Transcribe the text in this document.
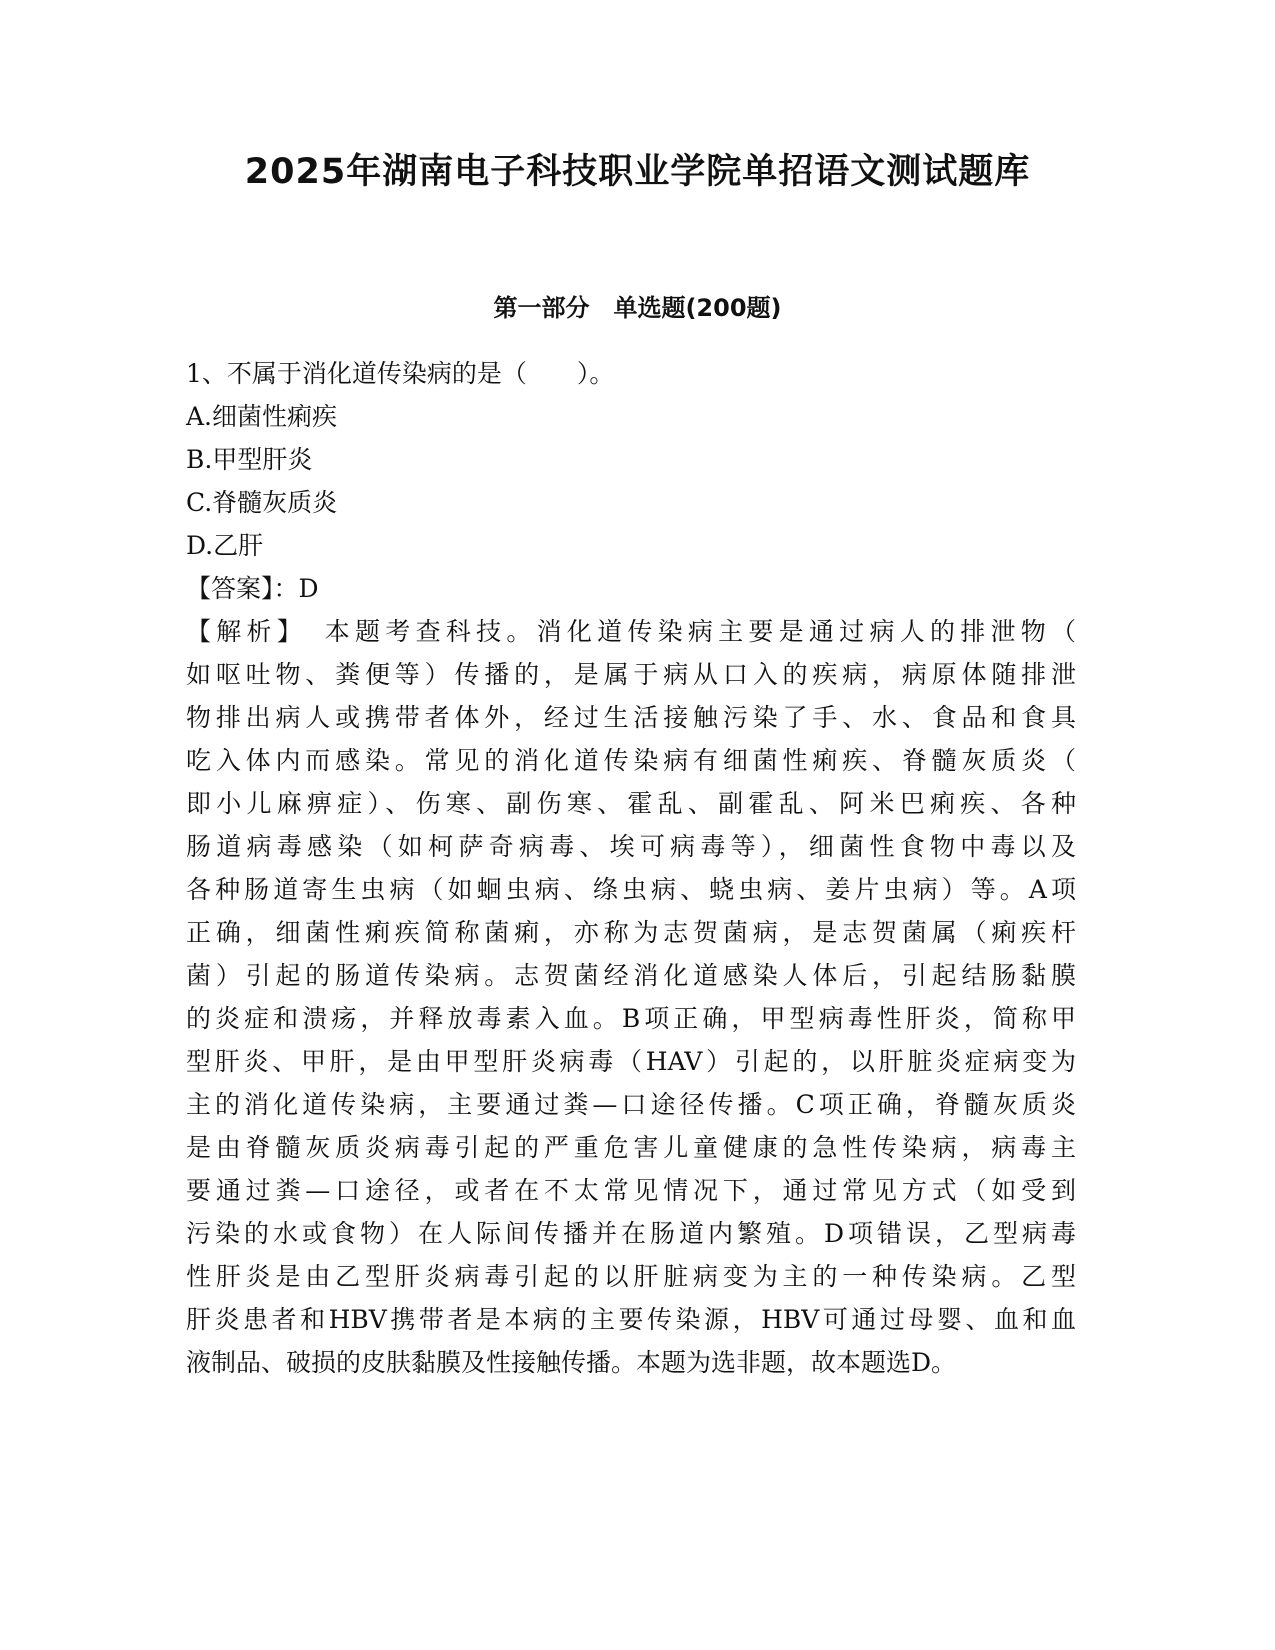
2025年湖南电子科技职业学院单招语文测试题库
第一部分　单选题(200题)
1、不属于消化道传染病的是（　　）。
A.细菌性痢疾
B.甲型肝炎
C.脊髓灰质炎
D.乙肝
【答案】：D
【解析】　本题考查科技。消化道传染病主要是通过病人的排泄物（
如呕吐物、粪便等）传播的，是属于病从口入的疾病，病原体随排泄
物排出病人或携带者体外，经过生活接触污染了手、水、食品和食具
吃入体内而感染。常见的消化道传染病有细菌性痢疾、脊髓灰质炎（
即小儿麻痹症）、伤寒、副伤寒、霍乱、副霍乱、阿米巴痢疾、各种
肠道病毒感染（如柯萨奇病毒、埃可病毒等），细菌性食物中毒以及
各种肠道寄生虫病（如蛔虫病、绦虫病、蛲虫病、姜片虫病）等。A项
正确，细菌性痢疾简称菌痢，亦称为志贺菌病，是志贺菌属（痢疾杆
菌）引起的肠道传染病。志贺菌经消化道感染人体后，引起结肠黏膜
的炎症和溃疡，并释放毒素入血。B项正确，甲型病毒性肝炎，简称甲
型肝炎、甲肝，是由甲型肝炎病毒（HAV）引起的，以肝脏炎症病变为
主的消化道传染病，主要通过粪—口途径传播。C项正确，脊髓灰质炎
是由脊髓灰质炎病毒引起的严重危害儿童健康的急性传染病，病毒主
要通过粪—口途径，或者在不太常见情况下，通过常见方式（如受到
污染的水或食物）在人际间传播并在肠道内繁殖。D项错误，乙型病毒
性肝炎是由乙型肝炎病毒引起的以肝脏病变为主的一种传染病。乙型
肝炎患者和HBV携带者是本病的主要传染源，HBV可通过母婴、血和血
液制品、破损的皮肤黏膜及性接触传播。本题为选非题，故本题选D。
